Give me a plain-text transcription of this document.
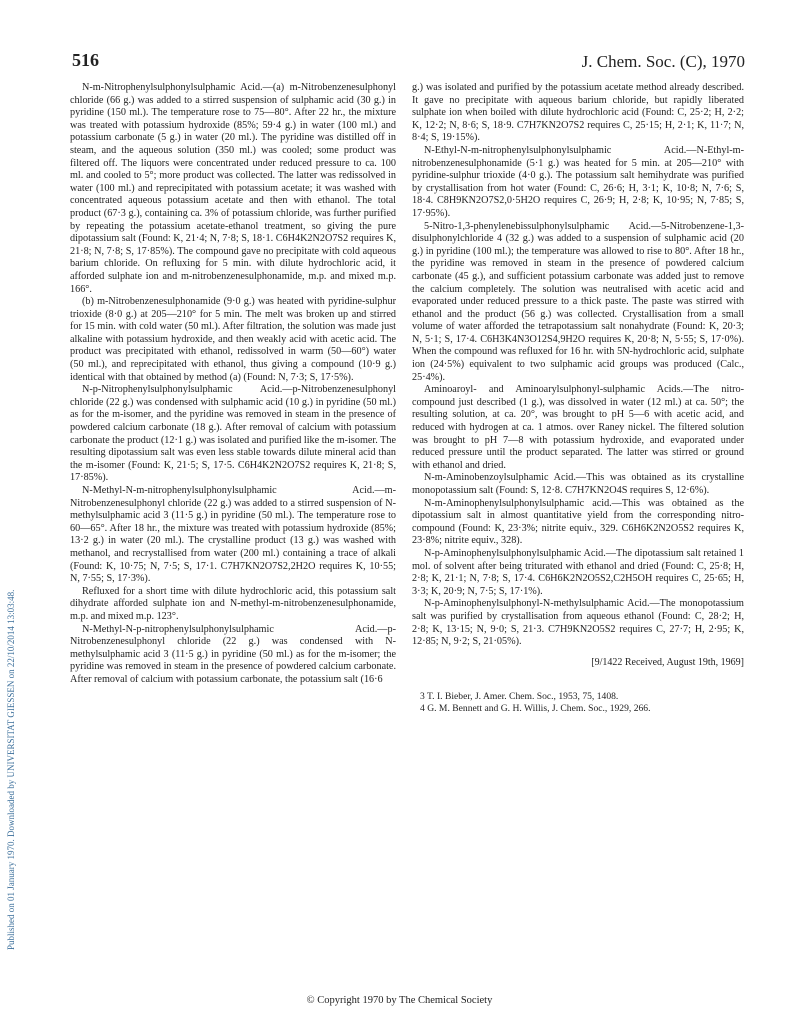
516	J. Chem. Soc. (C), 1970
Published on 01 January 1970. Downloaded by UNIVERSITAT GIESSEN on 22/10/2014 13:03:48.

N-m-Nitrophenylsulphonylsulphamic Acid.—(a) m-Nitrobenzenesulphonyl chloride (66 g.) was added to a stirred suspension of sulphamic acid (30 g.) in pyridine (150 ml.). The temperature rose to 75—80°. After 22 hr., the mixture was treated with potassium hydroxide (85%; 59·4 g.) in water (100 ml.) and potassium carbonate (5 g.) in water (20 ml.). The pyridine was distilled off in steam, and the aqueous solution (350 ml.) was cooled; some product was filtered off. The liquors were concentrated under reduced pressure to ca. 100 ml. and cooled to 5°; more product was collected. The latter was redissolved in water (100 ml.) and reprecipitated with potassium acetate; it was washed with concentrated aqueous potassium acetate and then with ethanol. The total product (67·3 g.), containing ca. 3% of potassium chloride, was further purified by repeating the potassium acetate-ethanol treatment, so giving the pure dipotassium salt (Found: K, 21·4; N, 7·8; S, 18·1. C6H4K2N2O7S2 requires K, 21·8; N, 7·8; S, 17·85%). The compound gave no precipitate with cold aqueous barium chloride. On refluxing for 5 min. with dilute hydrochloric acid, it afforded sulphate ion and m-nitrobenzenesulphonamide, m.p. and mixed m.p. 166°.

(b) m-Nitrobenzenesulphonamide (9·0 g.) was heated with pyridine-sulphur trioxide (8·0 g.) at 205—210° for 5 min. The melt was broken up and stirred for 15 min. with cold water (50 ml.). After filtration, the solution was made just alkaline with potassium hydroxide, and then weakly acid with acetic acid. The product was precipitated with ethanol, redissolved in warm (50—60°) water (50 ml.), and reprecipitated with ethanol, thus giving a compound (10·9 g.) identical with that obtained by method (a) (Found: N, 7·3; S, 17·5%).

N-p-Nitrophenylsulphonylsulphamic Acid.—p-Nitrobenzenesulphonyl chloride (22 g.) was condensed with sulphamic acid (10 g.) in pyridine (50 ml.) as for the m-isomer, and the pyridine was removed in steam in the presence of powdered calcium carbonate (18 g.). After removal of calcium with potassium carbonate the product (12·1 g.) was isolated and purified like the m-isomer. The resulting dipotassium salt was even less stable towards dilute mineral acid than the m-isomer (Found: K, 21·5; S, 17·5. C6H4K2N2O7S2 requires K, 21·8; S, 17·85%).

N-Methyl-N-m-nitrophenylsulphonylsulphamic Acid.—m-Nitrobenzenesulphonyl chloride (22 g.) was added to a stirred suspension of N-methylsulphamic acid 3 (11·5 g.) in pyridine (50 ml.). The temperature rose to 60—65°. After 18 hr., the mixture was treated with potassium hydroxide (85%; 13·2 g.) in water (20 ml.). The crystalline product (13 g.) was washed with methanol, and recrystallised from water (200 ml.) containing a trace of alkali (Found: K, 10·75; N, 7·5; S, 17·1. C7H7KN2O7S2,2H2O requires K, 10·55; N, 7·55; S, 17·3%).

Refluxed for a short time with dilute hydrochloric acid, this potassium salt dihydrate afforded sulphate ion and N-methyl-m-nitrobenzenesulphonamide, m.p. and mixed m.p. 123°.

N-Methyl-N-p-nitrophenylsulphonylsulphamic Acid.—p-Nitrobenzenesulphonyl chloride (22 g.) was condensed with N-methylsulphamic acid 3 (11·5 g.) in pyridine (50 ml.) as for the m-isomer; the pyridine was removed in steam in the presence of powdered calcium carbonate. After removal of calcium with potassium carbonate, the potassium salt (16·6

g.) was isolated and purified by the potassium acetate method already described. It gave no precipitate with aqueous barium chloride, but rapidly liberated sulphate ion when boiled with dilute hydrochloric acid (Found: C, 25·2; H, 2·2; K, 12·2; N, 8·6; S, 18·9. C7H7KN2O7S2 requires C, 25·15; H, 2·1; K, 11·7; N, 8·4; S, 19·15%).

N-Ethyl-N-m-nitrophenylsulphonylsulphamic Acid.—N-Ethyl-m-nitrobenzenesulphonamide (5·1 g.) was heated for 5 min. at 205—210° with pyridine-sulphur trioxide (4·0 g.). The potassium salt hemihydrate was purified by crystallisation from hot water (Found: C, 26·6; H, 3·1; K, 10·8; N, 7·6; S, 18·4. C8H9KN2O7S2,0·5H2O requires C, 26·9; H, 2·8; K, 10·95; N, 7·85; S, 17·95%).

5-Nitro-1,3-phenylenebissulphonylsulphamic Acid.—5-Nitrobenzene-1,3-disulphonylchloride 4 (32 g.) was added to a suspension of sulphamic acid (20 g.) in pyridine (100 ml.); the temperature was allowed to rise to 80°. After 18 hr., the pyridine was removed in steam in the presence of powdered calcium carbonate (45 g.), and sufficient potassium carbonate was added just to remove the calcium completely. The solution was neutralised with acetic acid and evaporated under reduced pressure to a thick paste. The paste was stirred with ethanol and the product (56 g.) was collected. Crystallisation from a small volume of water afforded the tetrapotassium salt nonahydrate (Found: K, 20·3; N, 5·1; S, 17·4. C6H3K4N3O12S4,9H2O requires K, 20·8; N, 5·55; S, 17·0%). When the compound was refluxed for 16 hr. with 5N-hydrochloric acid, sulphate ion (24·5%) equivalent to two sulphamic acid groups was produced (Calc., 25·4%).

Aminoaroyl- and Aminoarylsulphonyl-sulphamic Acids.—The nitro-compound just described (1 g.), was dissolved in water (12 ml.) at ca. 50°; the resulting solution, at ca. 20°, was brought to pH 5—6 with acetic acid, and reduced with hydrogen at ca. 1 atmos. over Raney nickel. The filtered solution was brought to pH 7—8 with potassium hydroxide, and evaporated under reduced pressure until the product separated. The latter was stirred or ground with ethanol and dried.

N-m-Aminobenzoylsulphamic Acid.—This was obtained as its crystalline monopotassium salt (Found: S, 12·8. C7H7KN2O4S requires S, 12·6%).

N-m-Aminophenylsulphonylsulphamic acid.—This was obtained as the dipotassium salt in almost quantitative yield from the corresponding nitro-compound (Found: K, 23·3%; nitrite equiv., 329. C6H6K2N2O5S2 requires K, 23·8%; nitrite equiv., 328).

N-p-Aminophenylsulphonylsulphamic Acid.—The dipotassium salt retained 1 mol. of solvent after being triturated with ethanol and dried (Found: C, 25·8; H, 2·8; K, 21·1; N, 7·8; S, 17·4. C6H6K2N2O5S2,C2H5OH requires C, 25·65; H, 3·3; K, 20·9; N, 7·5; S, 17·1%).

N-p-Aminophenylsulphonyl-N-methylsulphamic Acid.—The monopotassium salt was purified by crystallisation from aqueous ethanol (Found: C, 28·2; H, 2·8; K, 13·15; N, 9·0; S, 21·3. C7H9KN2O5S2 requires C, 27·7; H, 2·95; K, 12·85; N, 9·2; S, 21·05%).

[9/1422 Received, August 19th, 1969]

3 T. I. Bieber, J. Amer. Chem. Soc., 1953, 75, 1408.

4 G. M. Bennett and G. H. Willis, J. Chem. Soc., 1929, 266.

© Copyright 1970 by The Chemical Society
